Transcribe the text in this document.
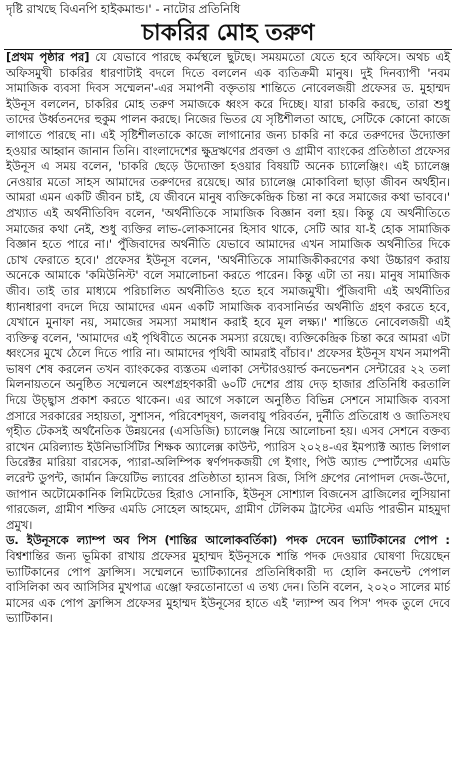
দৃষ্টি রাখছে বিএনপি হাইকমান্ড।' - নাটোর প্রতিনিধি
চাকরির মোহ তরুণ

[প্রথম পৃষ্ঠার পর] যে যেভাবে পারছে কর্মস্থলে ছুটছে। সময়মতো যেতে হবে অফিসে। অথচ এই অফিসমুখী চাকরির ধারণাটাই বদলে দিতে বললেন এক ব্যতিক্রমী মানুষ। দুই দিনব্যাপী 'নবম সামাজিক ব্যবসা দিবস সম্মেলন'-এর সমাপনী বক্তৃতায় শান্তিতে নোবেলজয়ী প্রফেসর ড. মুহাম্মদ ইউনূস বললেন, চাকরির মোহ তরুণ সমাজকে ধ্বংস করে দিচ্ছে। যারা চাকরি করছে, তারা শুধু তাদের উর্ধ্বতনদের হুকুম পালন করছে। নিজের ভিতর যে সৃষ্টিশীলতা আছে, সেটিকে কোনো কাজে লাগাতে পারছে না। এই সৃষ্টিশীলতাকে কাজে লাগানোর জন্য চাকরি না করে তরুণদের উদ্যোক্তা হওয়ার আহ্বান জানান তিনি। বাংলাদেশের ক্ষুদ্রঋণের প্রবক্তা ও গ্রামীণ ব্যাংকের প্রতিষ্ঠাতা প্রফেসর ইউনূস এ সময় বলেন, 'চাকরি ছেড়ে উদ্যোক্তা হওয়ার বিষয়টি অনেক চ্যালেঞ্জিং। এই চ্যালেঞ্জ নেওয়ার মতো সাহস আমাদের তরুণদের রয়েছে। আর চ্যালেঞ্জ মোকাবিলা ছাড়া জীবন অর্থহীন। আমরা এমন একটি জীবন চাই, যে জীবনে মানুষ ব্যক্তিকেন্দ্রিক চিন্তা না করে সমাজের কথা ভাববে।' প্রখ্যাত এই অর্থনীতিবিদ বলেন, 'অর্থনীতিকে সামাজিক বিজ্ঞান বলা হয়। কিন্তু যে অর্থনীতিতে সমাজের কথা নেই, শুধু ব্যক্তির লাভ-লোকসানের হিসাব থাকে, সেটি আর যা-ই হোক সামাজিক বিজ্ঞান হতে পারে না।' পুঁজিবাদের অর্থনীতি যেভাবে আমাদের এখন সামাজিক অর্থনীতির দিকে চোখ ফেরাতে হবে।' প্রফেসর ইউনূস বলেন, 'অর্থনীতিকে সামাজিকীকরণের কথা উচ্চারণ করায় অনেকে আমাকে 'কমিউনিস্ট' বলে সমালোচনা করতে পারেন। কিন্তু এটা তা নয়। মানুষ সামাজিক জীব। তাই তার মাধ্যমে পরিচালিত অর্থনীতিও হতে হবে সমাজমুখী। পুঁজিবাদী এই অর্থনীতির ধ্যানধারণা বদলে দিয়ে আমাদের এমন একটি সামাজিক ব্যবসানির্ভর অর্থনীতি গ্রহণ করতে হবে, যেখানে মুনাফা নয়, সমাজের সমস্যা সমাধান করাই হবে মূল লক্ষ্য।' শান্তিতে নোবেলজয়ী এই ব্যক্তিত্ব বলেন, 'আমাদের এই পৃথিবীতে অনেক সমস্যা রয়েছে। ব্যক্তিকেন্দ্রিক চিন্তা করে আমরা এটা ধ্বংসের মুখে ঠেলে দিতে পারি না। আমাদের পৃথিবী আমরাই বাঁচাব।' প্রফেসর ইউনূস যখন সমাপনী ভাষণ শেষ করলেন তখন ব্যাংককের ব্যস্ততম এলাকা সেন্টারওয়ার্ল্ড কনভেনশন সেন্টারের ২২ তলা মিলনায়তনে অনুষ্ঠিত সম্মেলনে অংশগ্রহণকারী ৬০টি দেশের প্রায় দেড় হাজার প্রতিনিধি করতালি দিয়ে উচ্ছ্বাস প্রকাশ করতে থাকেন। এর আগে সকালে অনুষ্ঠিত বিভিন্ন সেশনে সামাজিক ব্যবসা প্রসারে সরকারের সহায়তা, সুশাসন, পরিবেশদূষণ, জলবায়ু পরিবর্তন, দুর্নীতি প্রতিরোধ ও জাতিসংঘ গৃহীত টেকসই অর্থনৈতিক উন্নয়নের (এসডিজি) চ্যালেঞ্জ নিয়ে আলোচনা হয়। এসব সেশনে বক্তব্য রাখেন মেরিল্যান্ড ইউনিভার্সিটির শিক্ষক অ্যালেক্স কাউন্ট, প্যারিস ২০২৪-এর ইমপ্যাক্ট অ্যান্ড লিগাল ডিরেক্টর মারিয়া বারসেক, প্যারা-অলিম্পিক স্বর্ণপদকজয়ী গে ইগাং, পিউ অ্যান্ড স্পোর্টসের এমডি লরেন্ট ডুপন্ট, জার্মান ক্রিয়েটিভ ল্যাবের প্রতিষ্ঠাতা হ্যানস রিজ, সিপি গ্রুপের নোপাদল দেজ-উদো, জাপান অটোমেকানিক লিমিটেডের হিরাও সোনাকি, ইউনূস সোশ্যাল বিজনেস ব্রাজিলের লুসিয়ানা গারজেল, গ্রামীণ শক্তির এমডি সোহেল আহমেদ, গ্রামীণ টেলিকম ট্রাস্টের এমডি পারভীন মাহমুদা প্রমুখ।

ড. ইউনূসকে ল্যাম্প অব পিস (শান্তির আলোকবর্তিকা) পদক দেবেন ভ্যাটিকানের পোপ : বিশ্বশান্তির জন্য ভূমিকা রাখায় প্রফেসর মুহাম্মদ ইউনূসকে শান্তি পদক দেওয়ার ঘোষণা দিয়েছেন ভ্যাটিকানের পোপ ফ্রান্সিস। সম্মেলনে ভ্যাটিক্যানের প্রতিনিধিকারী দ্য হোলি কনভেন্ট পেপাল বাসিলিকা অব আসিসির মুখপাত্র এঞ্জো ফরতোনাতো এ তথ্য দেন। তিনি বলেন, ২০২০ সালের মার্চ মাসের এক পোপ ফ্রান্সিস প্রফেসর মুহাম্মদ ইউনূসের হাতে এই 'ল্যাম্প অব পিস' পদক তুলে দেবে ভ্যাটিকান।
